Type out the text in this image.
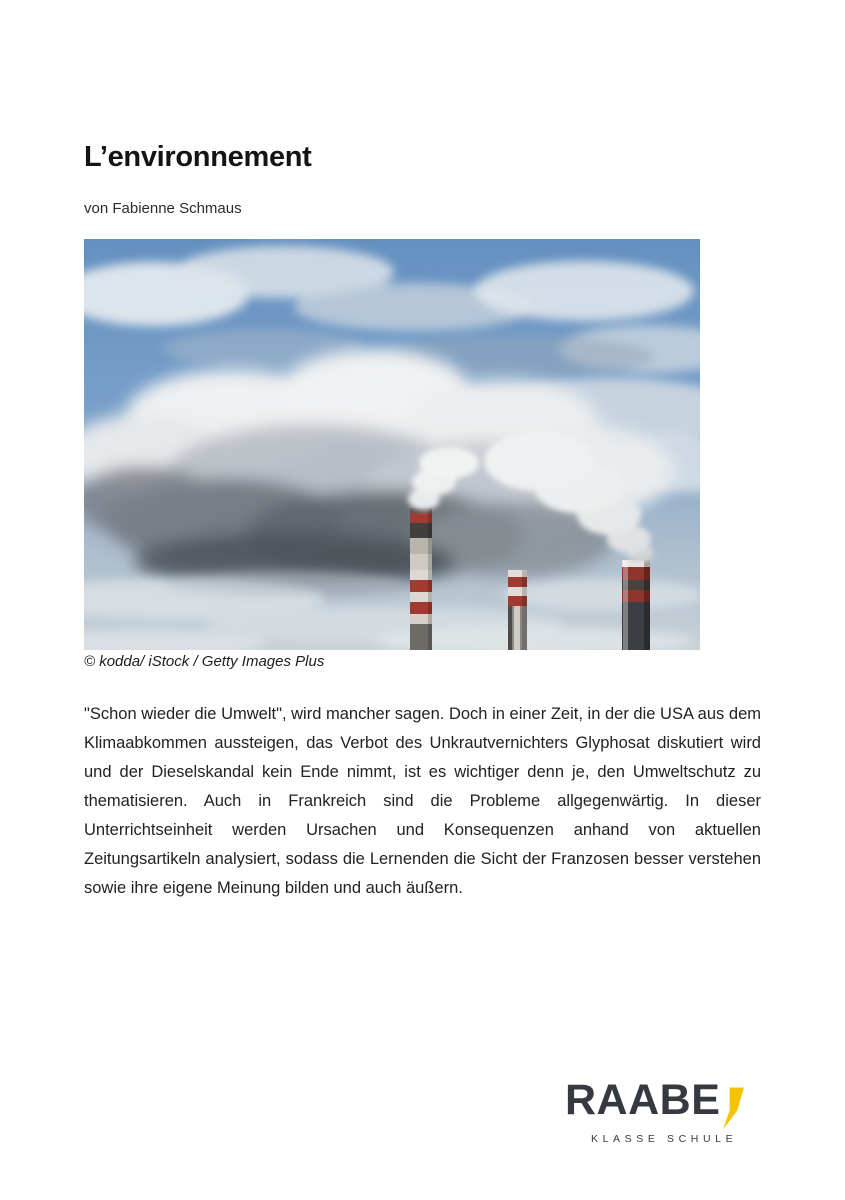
L’environnement
von Fabienne Schmaus
© kodda/ iStock / Getty Images Plus

"Schon wieder die Umwelt", wird mancher sagen. Doch in einer Zeit, in der die USA aus dem Klimaabkommen aussteigen, das Verbot des Unkrautvernichters Glyphosat diskutiert wird und der Dieselskandal kein Ende nimmt, ist es wichtiger denn je, den Umweltschutz zu thematisieren. Auch in Frankreich sind die Probleme allgegenwärtig. In dieser Unterrichtseinheit werden Ursachen und Konsequenzen anhand von aktuellen Zeitungsartikeln analysiert, sodass die Lernenden die Sicht der Franzosen besser verstehen sowie ihre eigene Meinung bilden und auch äußern.

RAABE
KLASSE SCHULE
